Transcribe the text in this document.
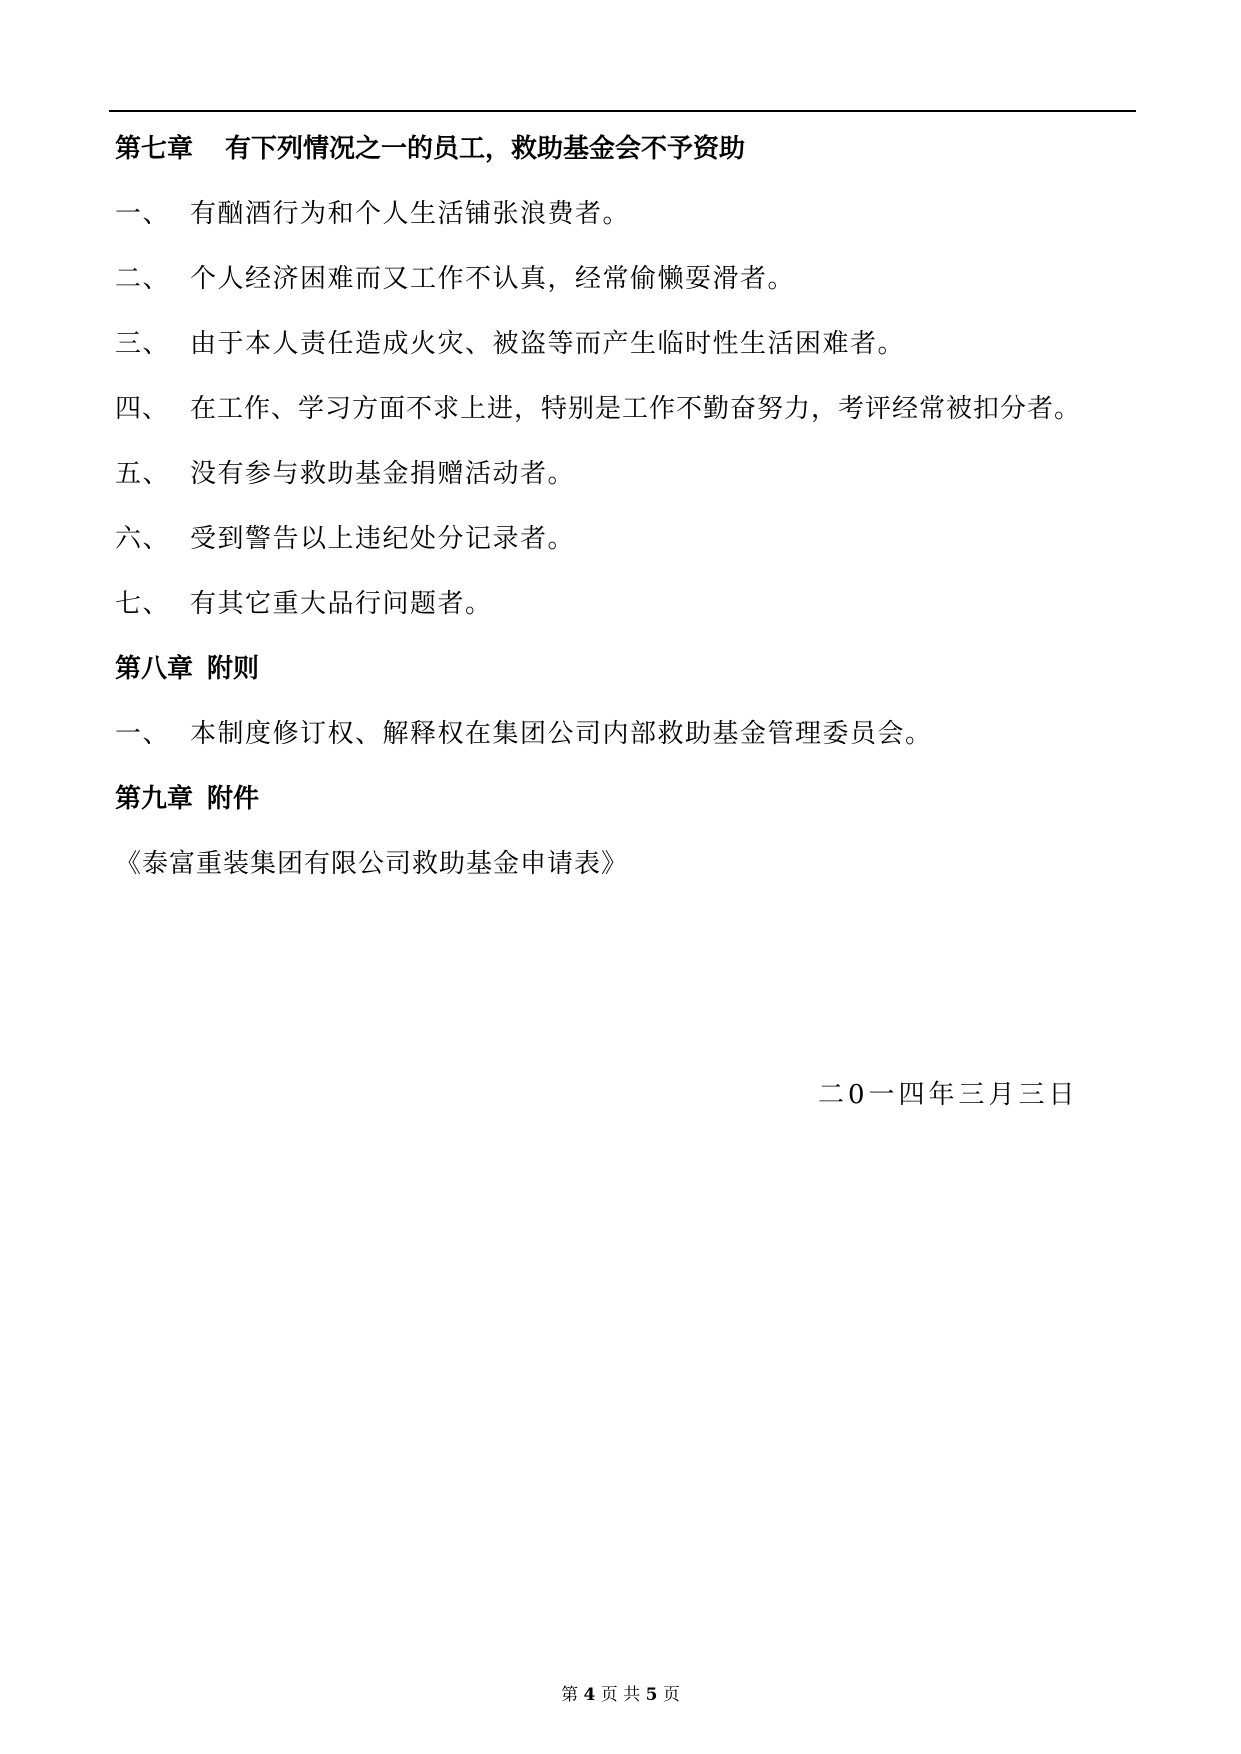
第七章 有下列情况之一的员工，救助基金会不予资助
一、 有酗酒行为和个人生活铺张浪费者。
二、 个人经济困难而又工作不认真，经常偷懒耍滑者。
三、 由于本人责任造成火灾、被盗等而产生临时性生活困难者。
四、 在工作、学习方面不求上进，特别是工作不勤奋努力，考评经常被扣分者。
五、 没有参与救助基金捐赠活动者。
六、 受到警告以上违纪处分记录者。
七、 有其它重大品行问题者。
第八章 附则
一、 本制度修订权、解释权在集团公司内部救助基金管理委员会。
第九章 附件
《泰富重装集团有限公司救助基金申请表》
二0一四年三月三日
第 4 页 共 5 页
